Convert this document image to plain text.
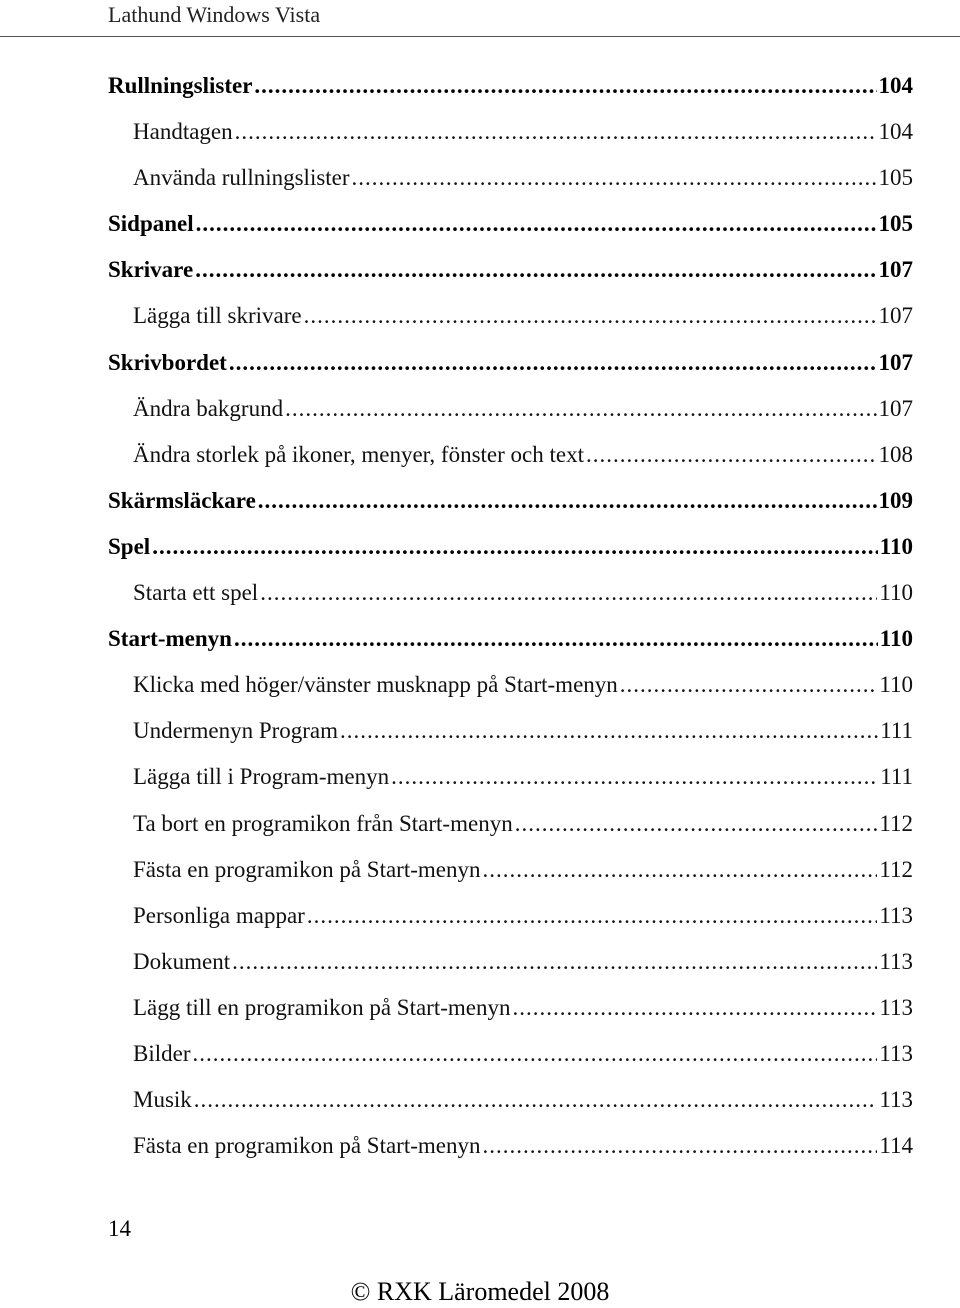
Lathund Windows Vista
Rullningslister .....	104
Handtagen .....	104
Använda rullningslister .....	105
Sidpanel .....	105
Skrivare .....	107
Lägga till skrivare .....	107
Skrivbordet .....	107
Ändra bakgrund .....	107
Ändra storlek på ikoner, menyer, fönster och text .....	108
Skärmsläckare .....	109
Spel .....	110
Starta ett spel .....	110
Start-menyn .....	110
Klicka med höger/vänster musknapp på Start-menyn .....	110
Undermenyn Program .....	111
Lägga till i Program-menyn .....	111
Ta bort en programikon från Start-menyn .....	112
Fästa en programikon på Start-menyn .....	112
Personliga mappar .....	113
Dokument .....	113
Lägg till en programikon på Start-menyn .....	113
Bilder .....	113
Musik .....	113
Fästa en programikon på Start-menyn .....	114
14
© RXK Läromedel 2008
